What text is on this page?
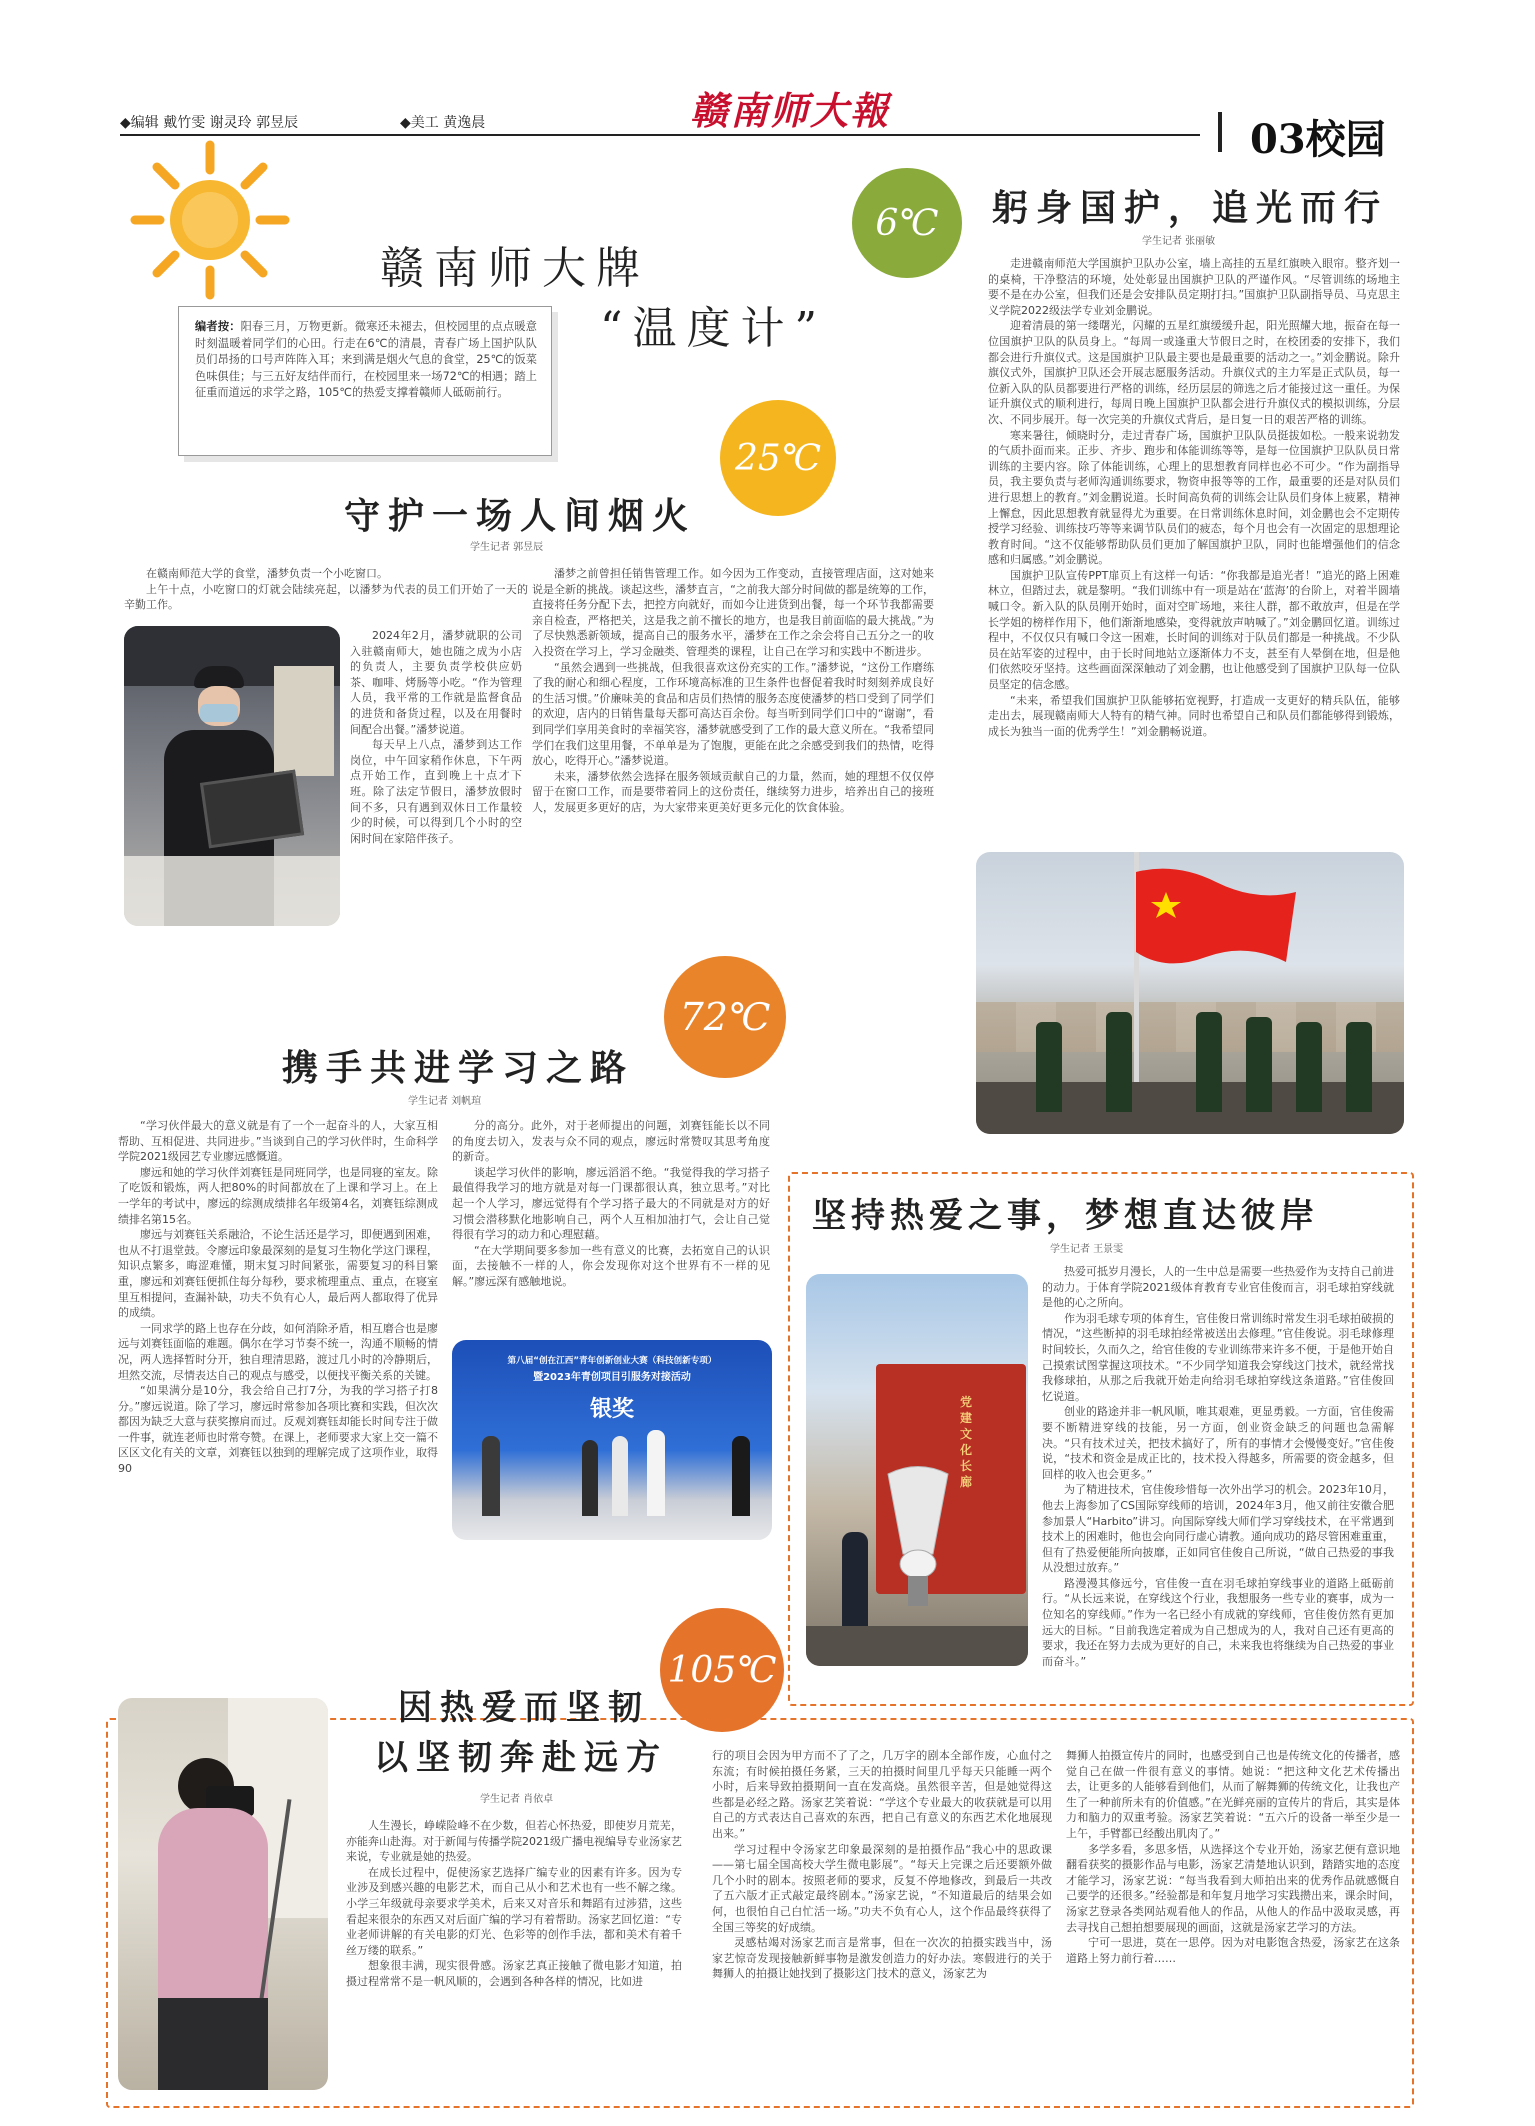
◆编辑 戴竹雯 谢灵玲 郭昱辰	◆美工 黄逸晨	赣南师大報
03校园
赣南师大牌
“温度计”
编者按：阳春三月，万物更新。微寒还未褪去，但校园里的点点暖意时刻温暖着同学们的心田。行走在6℃的清晨，青春广场上国护队队员们昂扬的口号声阵阵入耳；来到满是烟火气息的食堂，25℃的饭菜色味俱佳；与三五好友结伴而行，在校园里来一场72℃的相遇；踏上征重而道远的求学之路，105℃的热爱支撑着赣师人砥砺前行。
6℃
25℃
72℃
105℃
躬身国护，追光而行
学生记者 张丽敏

走进赣南师范大学国旗护卫队办公室，墙上高挂的五星红旗映入眼帘。整齐划一的桌椅，干净整洁的环境，处处彰显出国旗护卫队的严谨作风。“尽管训练的场地主要不是在办公室，但我们还是会安排队员定期打扫。”国旗护卫队副指导员、马克思主义学院2022级法学专业刘金鹏说。

迎着清晨的第一缕曙光，闪耀的五星红旗缓缓升起，阳光照耀大地，振奋在每一位国旗护卫队的队员身上。“每周一或逢重大节假日之时，在校团委的安排下，我们都会进行升旗仪式。这是国旗护卫队最主要也是最重要的活动之一。”刘金鹏说。除升旗仪式外，国旗护卫队还会开展志愿服务活动。升旗仪式的主力军是正式队员，每一位新入队的队员都要进行严格的训练，经历层层的筛选之后才能接过这一重任。为保证升旗仪式的顺利进行，每周日晚上国旗护卫队都会进行升旗仪式的模拟训练，分层次、不同步展开。每一次完美的升旗仪式背后，是日复一日的艰苦严格的训练。

寒来暑往，倾晓时分，走过青春广场，国旗护卫队队员挺拔如松。一般来说勃发的气质扑面而来。正步、齐步、跑步和体能训练等等，是每一位国旗护卫队队员日常训练的主要内容。除了体能训练，心理上的思想教育同样也必不可少。“作为副指导员，我主要负责与老师沟通训练要求，物资申报等等的工作，最重要的还是对队员们进行思想上的教育。”刘金鹏说道。长时间高负荷的训练会让队员们身体上疲累，精神上懈怠，因此思想教育就显得尤为重要。在日常训练休息时间，刘金鹏也会不定期传授学习经验、训练技巧等等来调节队员们的疲态，每个月也会有一次固定的思想理论教育时间。“这不仅能够帮助队员们更加了解国旗护卫队，同时也能增强他们的信念感和归属感。”刘金鹏说。

国旗护卫队宣传PPT扉页上有这样一句话：“你我都是追光者！”追光的路上困难林立，但踏过去，就是黎明。“我们训练中有一项是站在‘蓝海’的台阶上，对着半圆墙喊口令。新入队的队员刚开始时，面对空旷场地，来往人群，都不敢放声，但是在学长学姐的榜样作用下，他们渐渐地感染，变得就放声呐喊了。”刘金鹏回忆道。训练过程中，不仅仅只有喊口令这一困难，长时间的训练对于队员们都是一种挑战。不少队员在站军姿的过程中，由于长时间地站立逐渐体力不支，甚至有人晕倒在地，但是他们依然咬牙坚持。这些画面深深触动了刘金鹏，也让他感受到了国旗护卫队每一位队员坚定的信念感。

“未来，希望我们国旗护卫队能够拓宽视野，打造成一支更好的精兵队伍，能够走出去，展现赣南师大人特有的精气神。同时也希望自己和队员们都能够得到锻炼，成长为独当一面的优秀学生！”刘金鹏畅说道。

守护一场人间烟火
学生记者 郭昱辰

在赣南师范大学的食堂，潘梦负责一个小吃窗口。

上午十点，小吃窗口的灯就会陆续亮起，以潘梦为代表的员工们开始了一天的辛勤工作。

2024年2月，潘梦就职的公司入驻赣南师大，她也随之成为小店的负责人，主要负责学校供应奶茶、咖啡、烤肠等小吃。“作为管理人员，我平常的工作就是监督食品的进货和备货过程，以及在用餐时间配合出餐。”潘梦说道。

每天早上八点，潘梦到达工作岗位，中午回家稍作休息，下午两点开始工作，直到晚上十点才下班。除了法定节假日，潘梦放假时间不多，只有遇到双休日工作量较少的时候，可以得到几个小时的空闲时间在家陪伴孩子。

潘梦之前曾担任销售管理工作。如今因为工作变动，直接管理店面，这对她来说是全新的挑战。谈起这些，潘梦直言，“之前我大部分时间做的都是统筹的工作，直接将任务分配下去，把控方向就好，而如今让进货到出餐，每一个环节我都需要亲自检查，严格把关，这是我之前不擅长的地方，也是我目前面临的最大挑战。”为了尽快熟悉新领域，提高自己的服务水平，潘梦在工作之余会将自己五分之一的收入投资在学习上，学习金融类、管理类的课程，让自己在学习和实践中不断进步。

“虽然会遇到一些挑战，但我很喜欢这份充实的工作。”潘梦说，“这份工作磨练了我的耐心和细心程度，工作环境高标准的卫生条件也督促着我时时刻刻养成良好的生活习惯。”价廉味美的食品和店员们热情的服务态度使潘梦的档口受到了同学们的欢迎，店内的日销售量每天都可高达百余份。每当听到同学们口中的“谢谢”，看到同学们享用美食时的幸福笑容，潘梦就感受到了工作的最大意义所在。“我希望同学们在我们这里用餐，不单单是为了饱腹，更能在此之余感受到我们的热情，吃得放心，吃得开心。”潘梦说道。

未来，潘梦依然会选择在服务领域贡献自己的力量，然而，她的理想不仅仅停留于在窗口工作，而是要带着同上的这份责任，继续努力进步，培养出自己的接班人，发展更多更好的店，为大家带来更美好更多元化的饮食体验。

携手共进学习之路
学生记者 刘帆瑄

“学习伙伴最大的意义就是有了一个一起奋斗的人，大家互相帮助、互相促进、共同进步。”当谈到自己的学习伙伴时，生命科学学院2021级园艺专业廖远感慨道。

廖远和她的学习伙伴刘赛钰是同班同学，也是同寝的室友。除了吃饭和锻炼，两人把80%的时间都放在了上课和学习上。在上一学年的考试中，廖远的综测成绩排名年级第4名，刘赛钰综测成绩排名第15名。

廖远与刘赛钰关系融洽，不论生活还是学习，即便遇到困难，也从不打退堂鼓。令廖远印象最深刻的是复习生物化学这门课程，知识点繁多，晦涩难懂，期末复习时间紧张，需要复习的科目繁重，廖远和刘赛钰便抓住每分每秒，要求梳理重点、重点，在寝室里互相提问，查漏补缺，功夫不负有心人，最后两人都取得了优异的成绩。

一同求学的路上也存在分歧，如何消除矛盾，相互磨合也是廖远与刘赛钰面临的难题。偶尔在学习节奏不统一，沟通不顺畅的情况，两人选择暂时分开，独自理清思路，渡过几小时的冷静期后，坦然交流，尽情表达自己的观点与感受，以便找平衡关系的关键。

“如果满分是10分，我会给自己打7分，为我的学习搭子打8分。”廖远说道。除了学习，廖远时常参加各项比赛和实践，但次次都因为缺乏大意与获奖擦肩而过。反观刘赛钰却能长时间专注于做一件事，就连老师也时常夸赞。在课上，老师要求大家上交一篇不区区文化有关的文章，刘赛钰以独到的理解完成了这项作业，取得90

分的高分。此外，对于老师提出的问题，刘赛钰能长以不同的角度去切入，发表与众不同的观点，廖远时常赞叹其思考角度的新奇。

谈起学习伙伴的影响，廖远滔滔不绝。“我觉得我的学习搭子最值得我学习的地方就是对每一门课都很认真，独立思考。”对比起一个人学习，廖远觉得有个学习搭子最大的不同就是对方的好习惯会潜移默化地影响自己，两个人互相加油打气，会让自己觉得很有学习的动力和心理慰藉。

“在大学期间要多参加一些有意义的比赛，去拓宽自己的认识面，去接触不一样的人，你会发现你对这个世界有不一样的见解。”廖远深有感触地说。

第八届“创在江西”青年创新创业大赛（科技创新专项）
暨2023年青创项目引服务对接活动
银奖
坚持热爱之事，梦想直达彼岸
学生记者 王景雯
党建文化长廊

热爱可抵岁月漫长，人的一生中总是需要一些热爱作为支持自己前进的动力。于体育学院2021级体育教育专业官佳俊而言，羽毛球拍穿线就是他的心之所向。

作为羽毛球专项的体育生，官佳俊日常训练时常发生羽毛球拍破损的情况，“这些断掉的羽毛球拍经常被送出去修理。”官佳俊说。羽毛球修理时间较长，久而久之，给官佳俊的专业训练带来许多不便，于是他开始自己摸索试图掌握这项技术。“不少同学知道我会穿线这门技术，就经常找我修球拍，从那之后我就开始走向给羽毛球拍穿线这条道路。”官佳俊回忆说道。

创业的路途并非一帆风顺，唯其艰难，更显勇毅。一方面，官佳俊需要不断精进穿线的技能，另一方面，创业资金缺乏的问题也急需解决。“只有技术过关，把技术搞好了，所有的事情才会慢慢变好。”官佳俊说，“技术和资金是成正比的，技术投入得越多，所需要的资金越多，但回样的收入也会更多。”

为了精进技术，官佳俊珍惜每一次外出学习的机会。2023年10月，他去上海参加了CS国际穿线师的培训，2024年3月，他又前往安徽合肥参加景人“Harbito”讲习。向国际穿线大师们学习穿线技术，在平常遇到技术上的困难时，他也会向同行虚心请教。通向成功的路尽管困难重重，但有了热爱便能所向披靡，正如同官佳俊自己所说，“做自己热爱的事我从没想过放弃。”

路漫漫其修远兮，官佳俊一直在羽毛球拍穿线事业的道路上砥砺前行。“从长远来说，在穿线这个行业，我想服务一些专业的赛事，成为一位知名的穿线师。”作为一名已经小有成就的穿线师，官佳俊仿然有更加远大的目标。“目前我选定着成为自己想成为的人，我对自己还有更高的要求，我还在努力去成为更好的自己，未来我也将继续为自己热爱的事业而奋斗。”

因热爱而坚韧
以坚韧奔赴远方
学生记者 肖依卓

人生漫长，峥嵘险峰不在少数，但若心怀热爱，即使岁月荒芜，亦能奔山赴海。对于新闻与传播学院2021级广播电视编导专业汤家艺来说，专业就是她的热爱。

在成长过程中，促使汤家艺选择广编专业的因素有许多。因为专业涉及到感兴趣的电影艺术，而自己从小和艺术也有一些不解之缘。小学三年级就母亲要求学美术，后来又对音乐和舞蹈有过涉猎，这些看起来很杂的东西又对后面广编的学习有着帮助。汤家艺回忆道：“专业老师讲解的有关电影的灯光、色彩等的创作手法，都和美术有着千丝万缕的联系。”

想象很丰满，现实很骨感。汤家艺真正接触了微电影才知道，拍摄过程常常不是一帆风顺的，会遇到各种各样的情况，比如进

行的项目会因为甲方而不了了之，几万字的剧本全部作废，心血付之东流；有时候拍摄任务紧，三天的拍摄时间里几乎每天只能睡一两个小时，后来导致拍摄期间一直在发高烧。虽然很辛苦，但是她觉得这些都是必经之路。汤家艺笑着说：“学这个专业最大的收获就是可以用自己的方式表达自己喜欢的东西，把自己有意义的东西艺术化地展现出来。”

学习过程中令汤家艺印象最深刻的是拍摄作品“我心中的思政课——第七届全国高校大学生微电影展”。“每天上完课之后还要额外做几个小时的剧本。按照老师的要求，反复不停地修改，到最后一共改了五六版才正式敲定最终剧本。”汤家艺说，“不知道最后的结果会如何，也很怕自己白忙活一场。”功夫不负有心人，这个作品最终获得了全国三等奖的好成绩。

灵感枯竭对汤家艺而言是常事，但在一次次的拍摄实践当中，汤家艺惊奇发现接触新鲜事物是激发创造力的好办法。寒假进行的关于舞狮人的拍摄让她找到了摄影这门技术的意义，汤家艺为

舞狮人拍摄宣传片的同时，也感受到自己也是传统文化的传播者，感觉自己在做一件很有意义的事情。她说：“把这种文化艺术传播出去，让更多的人能够看到他们，从而了解舞狮的传统文化，让我也产生了一种前所未有的价值感。”在光鲜亮丽的宣传片的背后，其实是体力和脑力的双重考验。汤家艺笑着说：“五六斤的设备一举至少是一上午，手臂都已经酸出肌肉了。”

多学多看，多思多悟，从选择这个专业开始，汤家艺便有意识地翻看获奖的摄影作品与电影，汤家艺清楚地认识到，踏踏实地的态度才能学习，汤家艺说：“每当我看到大师拍出来的优秀作品就感慨自己要学的还很多。”经验都是和年复月地学习实践攒出来，课余时间，汤家艺登录各类网站观看他人的作品，从他人的作品中汲取灵感，再去寻找自己想拍想要展现的画面，这就是汤家艺学习的方法。

宁可一思进，莫在一思停。因为对电影饱含热爱，汤家艺在这条道路上努力前行着……
